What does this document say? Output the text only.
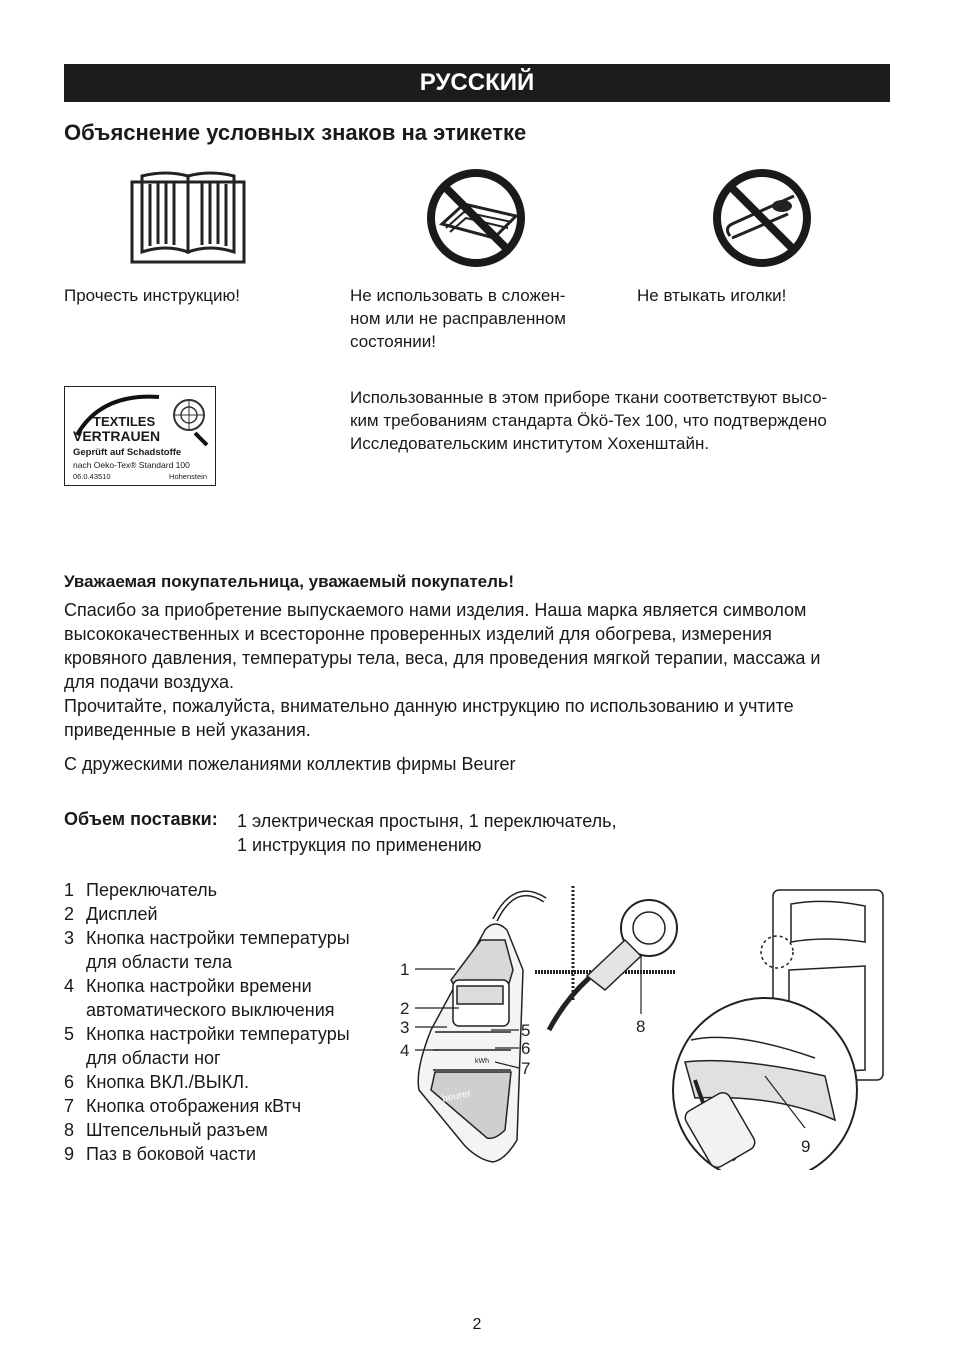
РУССКИЙ
Объяснение условных знаков на этикетке
Прочесть инструкцию!	Не использовать в сложен-
ном или не расправленном
состоянии!
Не втыкать иголки!
TEXTILES
VERTRAUEN
Geprüft auf Schadstoffe
nach Oeko-Tex® Standard 100
06.0.43510	Hohenstein
Использованные в этом приборе ткани соответствуют высо-
ким требованиям стандарта Ökö-Tex 100, что подтверждено
Исследовательским институтом Хохенштайн.
Уважаемая покупательница, уважаемый покупатель!
Спасибо за приобретение выпускаемого нами изделия. Наша марка является символом
высококачественных и всесторонне проверенных изделий для обогрева, измерения
кровяного давления, температуры тела, веса, для проведения мягкой терапии, массажа и
для подачи воздуха.
Прочитайте, пожалуйста, внимательно данную инструкцию по использованию и учтите
приведенные в ней указания.
С дружескими пожеланиями коллектив фирмы Beurer
Объем поставки: 1 электрическая простыня, 1 переключатель,
1 инструкция по применению
1 Переключатель
2 Дисплей
3 Кнопка настройки температуры
для области тела
4 Кнопка настройки времени
автоматического выключения
5 Кнопка настройки температуры
для области ног
6 Кнопка ВКЛ./ВЫКЛ.
7 Кнопка отображения кВтч
8 Штепсельный разъем
9 Паз в боковой части
beurer
kWh
1
2
3
4
5
6
7
8
9
2
